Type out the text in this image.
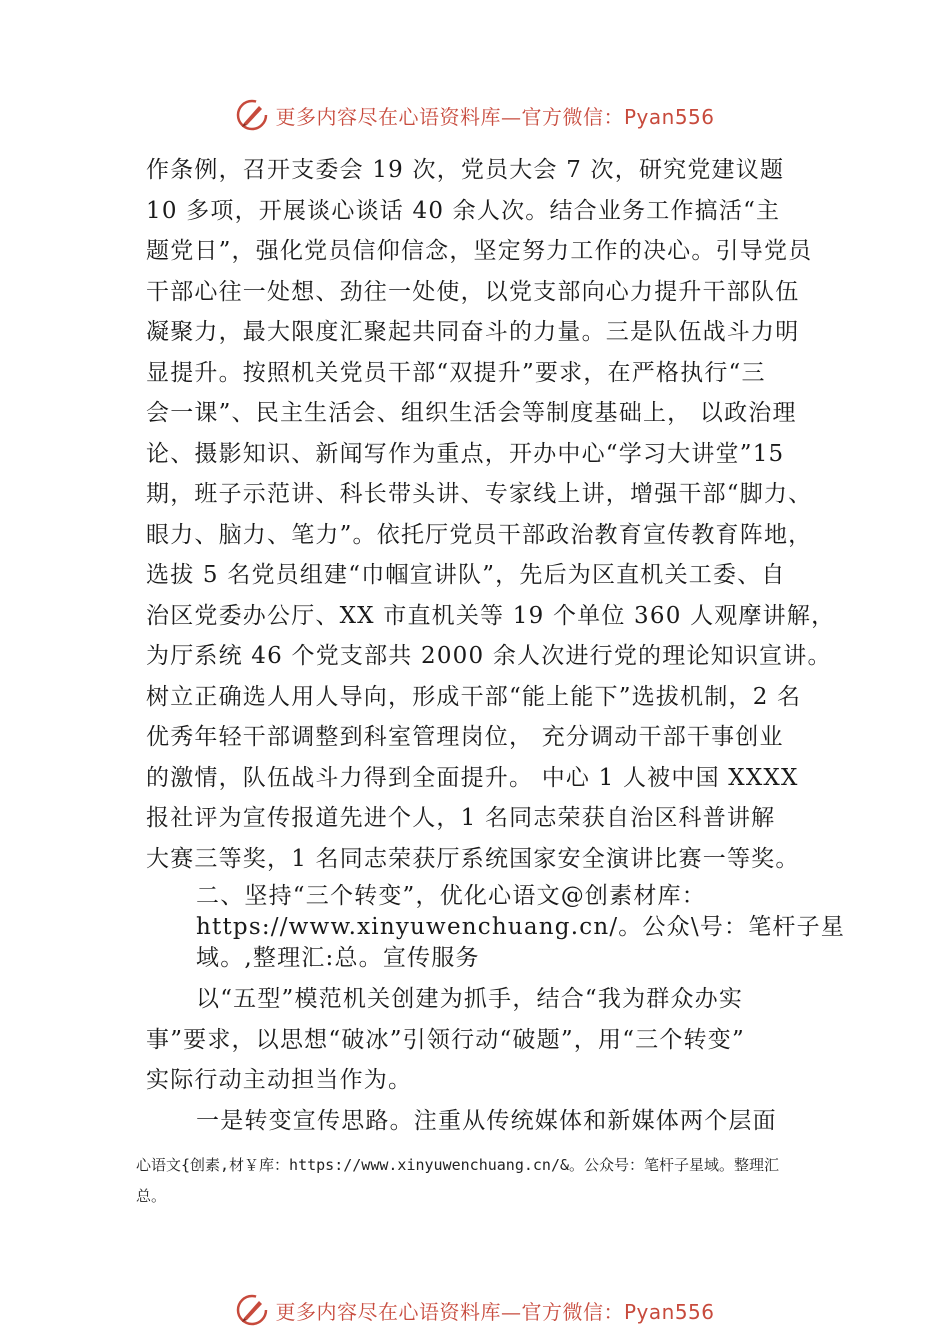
更多内容尽在心语资料库—官方微信：Pyan556
作条例，召开支委会 19 次，党员大会 7 次，研究党建议题
10 多项，开展谈心谈话 40 余人次。结合业务工作搞活“主
题党日”，强化党员信仰信念，坚定努力工作的决心。引导党员
干部心往一处想、劲往一处使，以党支部向心力提升干部队伍
凝聚力，最大限度汇聚起共同奋斗的力量。三是队伍战斗力明
显提升。按照机关党员干部“双提升”要求，在严格执行“三
会一课”、民主生活会、组织生活会等制度基础上， 以政治理
论、摄影知识、新闻写作为重点，开办中心“学习大讲堂”15
期，班子示范讲、科长带头讲、专家线上讲，增强干部“脚力、
眼力、脑力、笔力”。依托厅党员干部政治教育宣传教育阵地，
选拔 5 名党员组建“巾帼宣讲队”，先后为区直机关工委、自
治区党委办公厅、XX 市直机关等 19 个单位 360 人观摩讲解，
为厅系统 46 个党支部共 2000 余人次进行党的理论知识宣讲。
树立正确选人用人导向，形成干部“能上能下”选拔机制，2 名
优秀年轻干部调整到科室管理岗位， 充分调动干部干事创业
的激情，队伍战斗力得到全面提升。 中心 1 人被中国 XXXX
报社评为宣传报道先进个人，1 名同志荣获自治区科普讲解
大赛三等奖，1 名同志荣获厅系统国家安全演讲比赛一等奖。
二、坚持“三个转变”，优化心语文@创素材库：
https://www.xinyuwenchuang.cn/。公众\号：笔杆子星
域。,整理汇:总。宣传服务
以“五型”模范机关创建为抓手，结合“我为群众办实
事”要求，以思想“破冰”引领行动“破题”，用“三个转变”
实际行动主动担当作为。
一是转变宣传思路。注重从传统媒体和新媒体两个层面
心语文{创素,材￥库：https://www.xinyuwenchuang.cn/&。公众号：笔杆子星域。整理汇
总。
更多内容尽在心语资料库—官方微信：Pyan556
